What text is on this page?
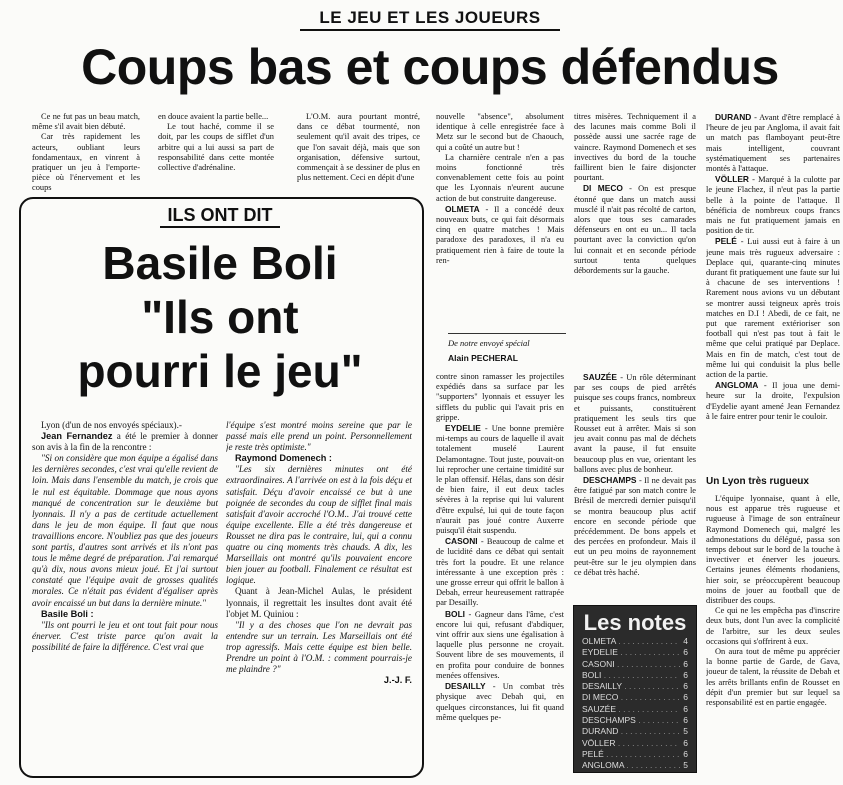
LE JEU ET LES JOUEURS
Coups bas et coups défendus

Ce ne fut pas un beau match, même s'il avait bien débuté.

Car très rapidement les acteurs, oubliant leurs fondamentaux, en vinrent à pratiquer un jeu à l'emporte-pièce où l'énervement et les coups

en douce avaient la partie belle...

Le tout haché, comme il se doit, par les coups de sifflet d'un arbitre qui a lui aussi sa part de responsabilité dans cette montée collective d'adrénaline.

L'O.M. aura pourtant montré, dans ce débat tourmenté, non seulement qu'il avait des tripes, ce que l'on savait déjà, mais que son organisation, défensive surtout, commençait à se dessiner de plus en plus nettement. Ceci en dépit d'une

nouvelle "absence", absolument identique à celle enregistrée face à Metz sur le second but de Chaouch, qui a coûté un autre but !

La charnière centrale n'en a pas moins fonctionné très convenablement cette fois au point que les Lyonnais n'eurent aucune action de but construite dangereuse.

OLMETA - Il a concédé deux nouveaux buts, ce qui fait désormais cinq en quatre matches ! Mais paradoxe des paradoxes, il n'a eu pratiquement rien à faire de toute la ren-

titres misères. Techniquement il a des lacunes mais comme Boli il possède aussi une sacrée rage de vaincre. Raymond Domenech et ses invectives du bord de la touche faillirent bien le faire disjoncter pourtant.

DI MECO - On est presque étonné que dans un match aussi musclé il n'ait pas récolté de carton, alors que tous ses camarades défenseurs en ont eu un... Il tacla pourtant avec la conviction qu'on lui connait et en seconde période surtout tenta quelques débordements sur la gauche.

De notre envoyé spécial
Alain PECHERAL
ILS ONT DIT
Basile Boli
"Ils ont
pourri le jeu"

Lyon (d'un de nos envoyés spéciaux).-

Jean Fernandez a été le premier à donner son avis à la fin de la rencontre :

"Si on considère que mon équipe a égalisé dans les dernières secondes, c'est vrai qu'elle revient de loin. Mais dans l'ensemble du match, je crois que le nul est équitable. Dommage que nous ayons manqué de concentration sur le deuxième but lyonnais. Il n'y a pas de certitude actuellement dans le jeu de mon équipe. Il faut que nous travaillions encore. N'oubliez pas que des joueurs sont partis, d'autres sont arrivés et ils n'ont pas tous le même degré de préparation. J'ai remarqué qu'à dix, nous avons mieux joué. Et j'ai surtout constaté que l'équipe avait de grosses qualités morales. Ce n'était pas évident d'égaliser après avoir encaissé un but dans la dernière minute."

Basile Boli :

"Ils ont pourri le jeu et ont tout fait pour nous énerver. C'est triste parce qu'on avait la possibilité de faire la différence. C'est vrai que

l'équipe s'est montré moins sereine que par le passé mais elle prend un point. Personnellement je reste très optimiste."

Raymond Domenech :

"Les six dernières minutes ont été extraordinaires. A l'arrivée on est à la fois déçu et satisfait. Déçu d'avoir encaissé ce but à une poignée de secondes du coup de sifflet final mais satisfait d'avoir accroché l'O.M.. J'ai trouvé cette équipe excellente. Elle a été très dangereuse et Rousset ne dira pas le contraire, lui, qui a connu quatre ou cinq moments très chauds. A dix, les Marseillais ont montré qu'ils pouvaient encore bien jouer au football. Finalement ce résultat est logique.

Quant à Jean-Michel Aulas, le président lyonnais, il regrettait les insultes dont avait été l'objet M. Quiniou :

"Il y a des choses que l'on ne devrait pas entendre sur un terrain. Les Marseillais ont été trop agressifs. Mais cette équipe est bien belle. Prendre un point à l'O.M. : comment pourrais-je me plaindre ?"

J.-J. F.

contre sinon ramasser les projectiles expédiés dans sa surface par les "supporters" lyonnais et essuyer les sifflets du public qui l'avait pris en grippe.

EYDELIE - Une bonne première mi-temps au cours de laquelle il avait totalement muselé Laurent Delamontagne. Tout juste, pouvait-on lui reprocher une certaine timidité sur le plan offensif. Hélas, dans son désir de bien faire, il eut deux tacles sévères à la reprise qui lui valurent d'être expulsé, lui qui de toute façon n'aurait pas joué contre Auxerre puisqu'il était suspendu.

CASONI - Beaucoup de calme et de lucidité dans ce débat qui sentait très fort la poudre. Et une relance intéressante à une exception près : une grosse erreur qui offrit le ballon à Debah, erreur heureusement rattrapée par Desailly.

BOLI - Gagneur dans l'âme, c'est encore lui qui, refusant d'abdiquer, vint offrir aux siens une égalisation à laquelle plus personne ne croyait. Souvent libre de ses mouvements, il en profita pour conduire de bonnes menées offensives.

DESAILLY - Un combat très physique avec Debah qui, en quelques circonstances, lui fit quand même quelques pe-

SAUZÉE - Un rôle déterminant par ses coups de pied arrêtés puisque ses coups francs, nombreux et puissants, constituèrent pratiquement les seuls tirs que Rousset eut à arrêter. Mais si son jeu avait connu pas mal de déchets avant la pause, il fut ensuite beaucoup plus en vue, orientant les ballons avec plus de bonheur.

DESCHAMPS - Il ne devait pas être fatigué par son match contre le Brésil de mercredi dernier puisqu'il se montra beaucoup plus actif encore en seconde période que précédemment. De bons appels et des percées en profondeur. Mais il eut un peu moins de rayonnement peut-être sur le jeu olympien dans ce débat très haché.

Les notes
OLMETA . . .	4
EYDELIE . . .	6
CASONI . . .	6
BOLI . . .	6
DESAILLY . . .	6
DI MECO . . .	6
SAUZÉE . . .	6
DESCHAMPS . . .	6
DURAND . . .	5
VÖLLER . . .	6
PELÉ . . .	6
ANGLOMA . . .	5

DURAND - Avant d'être remplacé à l'heure de jeu par Angloma, il avait fait un match pas flamboyant peut-être mais intelligent, couvrant systématiquement ses partenaires montés à l'attaque.

VÖLLER - Marqué à la culotte par le jeune Flachez, il n'eut pas la partie belle à la pointe de l'attaque. Il bénéficia de nombreux coups francs mais ne fut pratiquement jamais en position de tir.

PELÉ - Lui aussi eut à faire à un jeune mais très rugueux adversaire : Deplace qui, quarante-cinq minutes durant fit pratiquement une faute sur lui à chacune de ses interventions ! Rarement nous avions vu un débutant se montrer aussi teigneux après trois matches en D.I ! Abedi, de ce fait, ne put que rarement extérioriser son football qui n'est pas tout à fait le même que celui pratiqué par Deplace. Mais en fin de match, c'est tout de même lui qui conduisit la plus belle action de la partie.

ANGLOMA - Il joua une demi-heure sur la droite, l'expulsion d'Eydelie ayant amené Jean Fernandez à le faire entrer pour tenir le couloir.

Un Lyon très rugueux

L'équipe lyonnaise, quant à elle, nous est apparue très rugueuse et rugueuse à l'image de son entraîneur Raymond Domenech qui, malgré les admonestations du délégué, passa son temps debout sur le bord de la touche à invectiver et énerver les joueurs. Certains jeunes éléments rhodaniens, hier soir, se préoccupèrent beaucoup moins de jouer au football que de distribuer des coups.

Ce qui ne les empêcha pas d'inscrire deux buts, dont l'un avec la complicité de l'arbitre, sur les deux seules occasions qui s'offrirent à eux.

On aura tout de même pu apprécier la bonne partie de Garde, de Gava, joueur de talent, la réussite de Debah et les arrêts brillants enfin de Rousset en dépit d'un premier but sur lequel sa responsabilité est en partie engagée.
